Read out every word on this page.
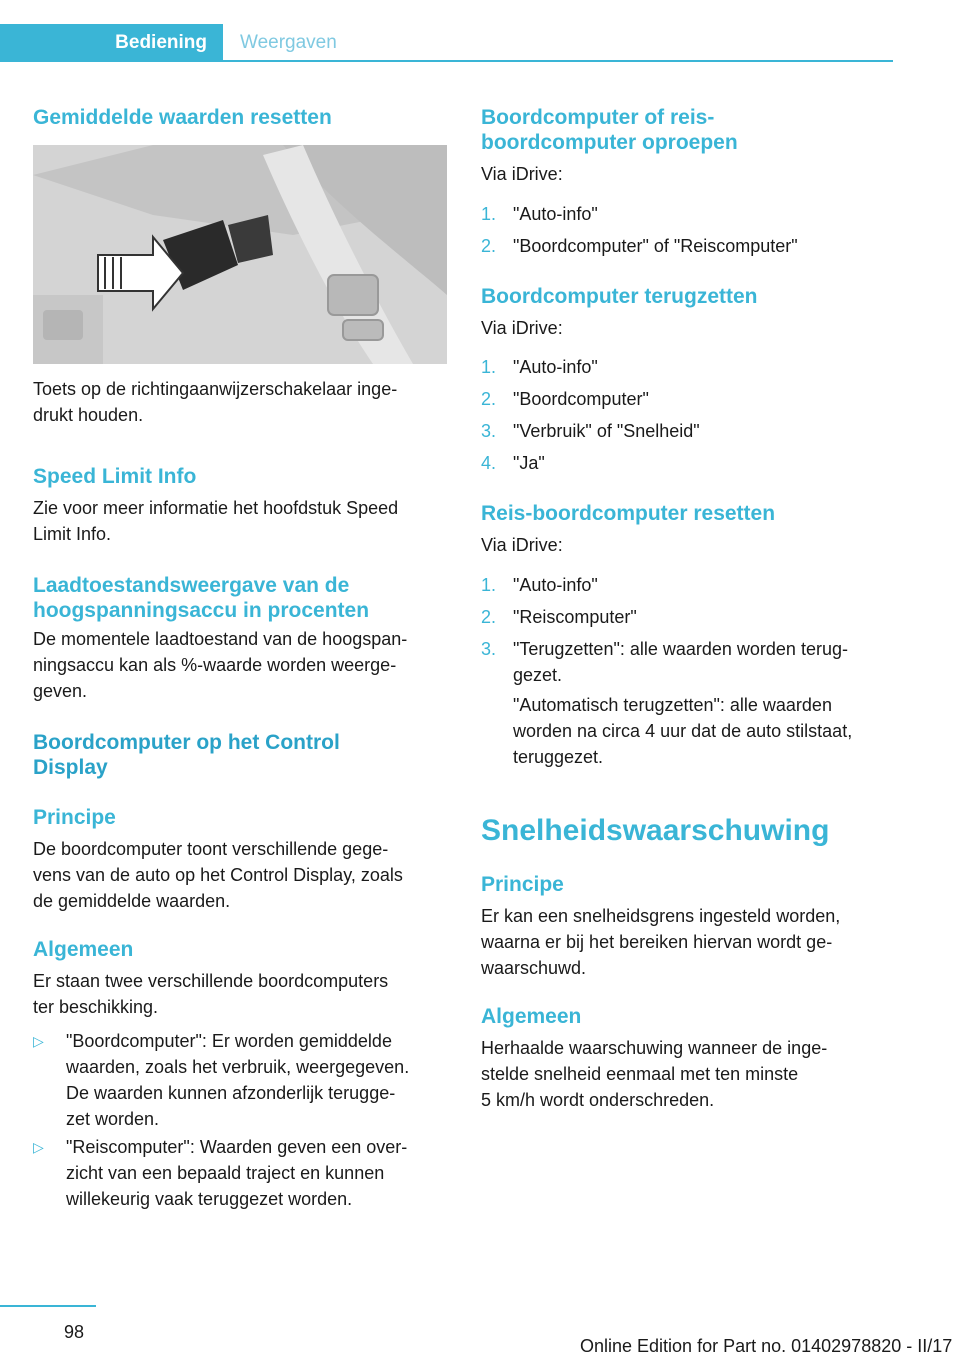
Bediening	Weergaven
Gemiddelde waarden resetten

Toets op de richtingaanwijzerschakelaar inge-
drukt houden.

Speed Limit Info

Zie voor meer informatie het hoofdstuk Speed
Limit Info.

Laadtoestandsweergave van de
hoogspanningsaccu in procenten

De momentele laadtoestand van de hoogspan-
ningsaccu kan als %-waarde worden weerge-
geven.

Boordcomputer op het Control
Display
Principe

De boordcomputer toont verschillende gege-
vens van de auto op het Control Display, zoals
de gemiddelde waarden.

Algemeen

Er staan twee verschillende boordcomputers
ter beschikking.

▷ "Boordcomputer": Er worden gemiddelde
waarden, zoals het verbruik, weergegeven.
De waarden kunnen afzonderlijk terugge-
zet worden.
▷ "Reiscomputer": Waarden geven een over-
zicht van een bepaald traject en kunnen
willekeurig vaak teruggezet worden.
Boordcomputer of reis-
boordcomputer oproepen

Via iDrive:

1. "Auto-info"
2. "Boordcomputer" of "Reiscomputer"
Boordcomputer terugzetten

Via iDrive:

1. "Auto-info"
2. "Boordcomputer"
3. "Verbruik" of "Snelheid"
4. "Ja"
Reis-boordcomputer resetten

Via iDrive:

1. "Auto-info"
2. "Reiscomputer"
3. "Terugzetten": alle waarden worden terug-
gezet.

"Automatisch terugzetten": alle waarden
worden na circa 4 uur dat de auto stilstaat,
teruggezet.

Snelheidswaarschuwing
Principe

Er kan een snelheidsgrens ingesteld worden,
waarna er bij het bereiken hiervan wordt ge-
waarschuwd.

Algemeen

Herhaalde waarschuwing wanneer de inge-
stelde snelheid eenmaal met ten minste
5 km/h wordt onderschreden.

98
Online Edition for Part no. 01402978820 - II/17
